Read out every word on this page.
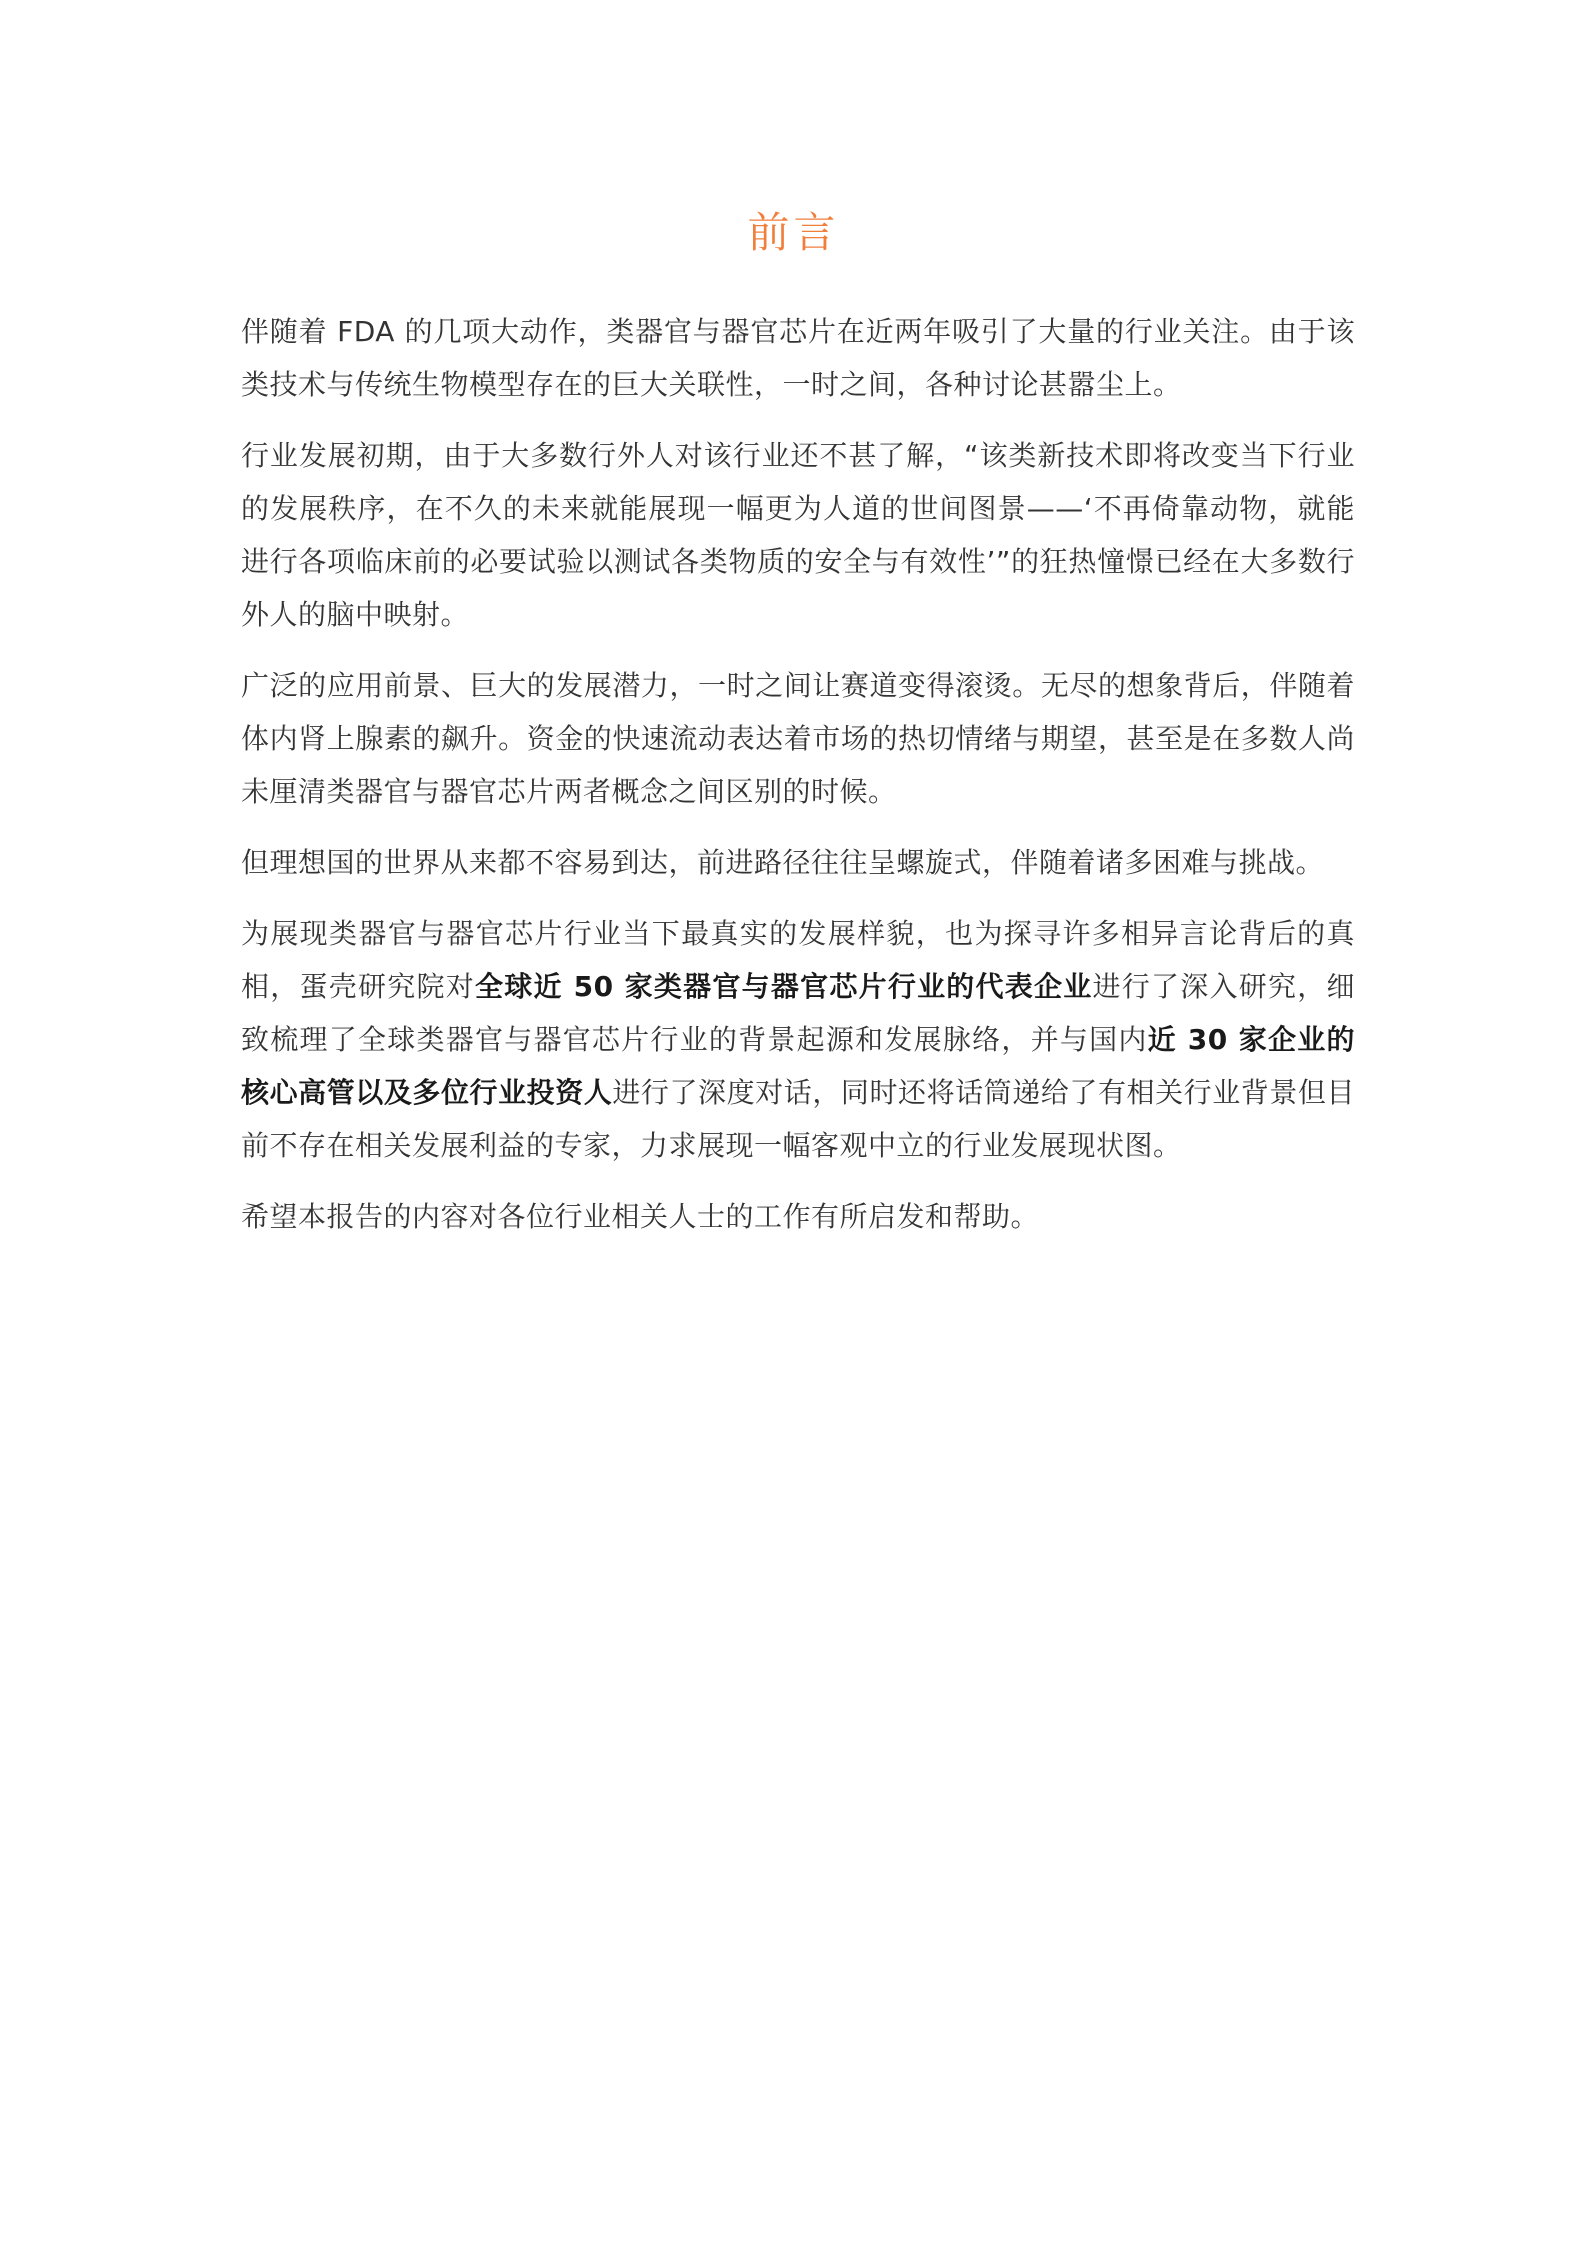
前言

伴随着 FDA 的几项大动作，类器官与器官芯片在近两年吸引了大量的行业关注。由于该类技术与传统生物模型存在的巨大关联性，一时之间，各种讨论甚嚣尘上。

行业发展初期，由于大多数行外人对该行业还不甚了解，“该类新技术即将改变当下行业的发展秩序，在不久的未来就能展现一幅更为人道的世间图景——‘不再倚靠动物，就能进行各项临床前的必要试验以测试各类物质的安全与有效性’”的狂热憧憬已经在大多数行外人的脑中映射。

广泛的应用前景、巨大的发展潜力，一时之间让赛道变得滚烫。无尽的想象背后，伴随着体内肾上腺素的飙升。资金的快速流动表达着市场的热切情绪与期望，甚至是在多数人尚未厘清类器官与器官芯片两者概念之间区别的时候。

但理想国的世界从来都不容易到达，前进路径往往呈螺旋式，伴随着诸多困难与挑战。

为展现类器官与器官芯片行业当下最真实的发展样貌，也为探寻许多相异言论背后的真相，蛋壳研究院对全球近 50 家类器官与器官芯片行业的代表企业进行了深入研究，细致梳理了全球类器官与器官芯片行业的背景起源和发展脉络，并与国内近 30 家企业的核心高管以及多位行业投资人进行了深度对话，同时还将话筒递给了有相关行业背景但目前不存在相关发展利益的专家，力求展现一幅客观中立的行业发展现状图。

希望本报告的内容对各位行业相关人士的工作有所启发和帮助。
